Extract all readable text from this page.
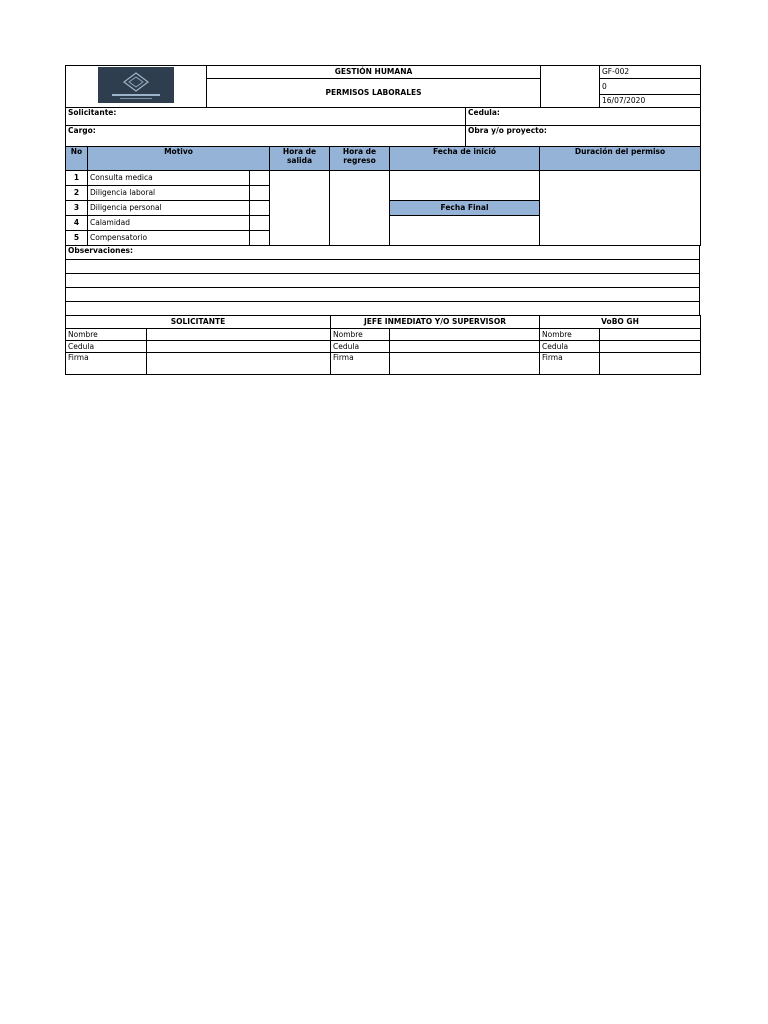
	GESTIÓN HUMANA		GF-002
	PERMISOS LABORALES		0
			16/07/2020
Solicitante:	Cedula:
Cargo:	Obra y/o proyecto:
No	Motivo		Hora de salida	Hora de regreso	Fecha de inició	Duración del permiso
1	Consulta medica					
2	Diligencia laboral					
3	Diligencia personal				Fecha Final	
4	Calamidad					
5	Compensatorio					
Observaciones:

SOLICITANTE		JEFE INMEDIATO Y/O SUPERVISOR		VoBO GH	
Nombre		Nombre		Nombre	
Cedula		Cedula		Cedula	
Firma		Firma		Firma	
